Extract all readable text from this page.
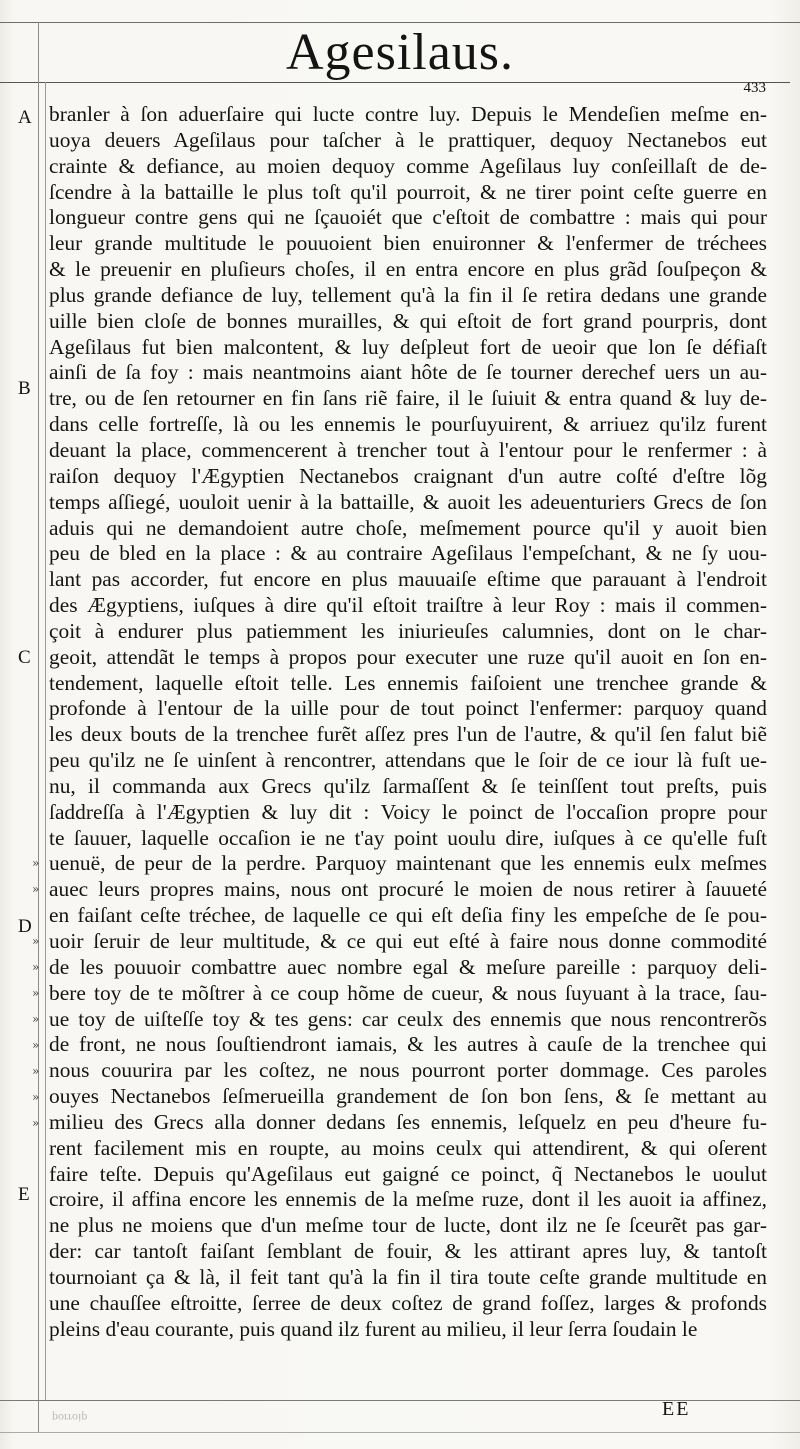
Agesilaus.
433
A
B
C
D
E
»
»
»
»
»
»
»
»
»
»
branler à ſon aduerſaire qui lucte contre luy. Depuis le Mendeſien meſme en-
uoya deuers Ageſilaus pour taſcher à le prattiquer, dequoy Nectanebos eut
crainte & defiance, au moien dequoy comme Ageſilaus luy conſeillaſt de de-
ſcendre à la battaille le plus toſt qu'il pourroit, & ne tirer point ceſte guerre en
longueur contre gens qui ne ſçauoiét que c'eſtoit de combattre : mais qui pour
leur grande multitude le pouuoient bien enuironner & l'enfermer de tréchees
& le preuenir en pluſieurs choſes, il en entra encore en plus grãd ſouſpeçon &
plus grande defiance de luy, tellement qu'à la fin il ſe retira dedans une grande
uille bien cloſe de bonnes murailles, & qui eſtoit de fort grand pourpris, dont
Ageſilaus fut bien malcontent, & luy deſpleut fort de ueoir que lon ſe défiaſt
ainſi de ſa foy : mais neantmoins aiant hôte de ſe tourner derechef uers un au-
tre, ou de ſen retourner en fin ſans riẽ faire, il le ſuiuit & entra quand & luy de-
dans celle fortreſſe, là ou les ennemis le pourſuyuirent, & arriuez qu'ilz furent
deuant la place, commencerent à trencher tout à l'entour pour le renfermer : à
raiſon dequoy l'Ægyptien Nectanebos craignant d'un autre coſté d'eſtre lõg
temps aſſiegé, uouloit uenir à la battaille, & auoit les adeuenturiers Grecs de ſon
aduis qui ne demandoient autre choſe, meſmement pource qu'il y auoit bien
peu de bled en la place : & au contraire Ageſilaus l'empeſchant, & ne ſy uou-
lant pas accorder, fut encore en plus mauuaiſe eſtime que parauant à l'endroit
des Ægyptiens, iuſques à dire qu'il eſtoit traiſtre à leur Roy : mais il commen-
çoit à endurer plus patiemment les iniurieuſes calumnies, dont on le char-
geoit, attendãt le temps à propos pour executer une ruze qu'il auoit en ſon en-
tendement, laquelle eſtoit telle. Les ennemis faiſoient une trenchee grande &
profonde à l'entour de la uille pour de tout poinct l'enfermer: parquoy quand
les deux bouts de la trenchee furẽt aſſez pres l'un de l'autre, & qu'il ſen falut biẽ
peu qu'ilz ne ſe uinſent à rencontrer, attendans que le ſoir de ce iour là fuſt ue-
nu, il commanda aux Grecs qu'ilz ſarmaſſent & ſe teinſſent tout preſts, puis
ſaddreſſa à l'Ægyptien & luy dit : Voicy le poinct de l'occaſion propre pour
te ſauuer, laquelle occaſion ie ne t'ay point uoulu dire, iuſques à ce qu'elle fuſt
uenuë, de peur de la perdre. Parquoy maintenant que les ennemis eulx meſmes
auec leurs propres mains, nous ont procuré le moien de nous retirer à ſauueté
en faiſant ceſte tréchee, de laquelle ce qui eſt deſia finy les empeſche de ſe pou-
uoir ſeruir de leur multitude, & ce qui eut eſté à faire nous donne commodité
de les pouuoir combattre auec nombre egal & meſure pareille : parquoy deli-
bere toy de te mõſtrer à ce coup hõme de cueur, & nous ſuyuant à la trace, ſau-
ue toy de uiſteſſe toy & tes gens: car ceulx des ennemis que nous rencontrerõs
de front, ne nous ſouſtiendront iamais, & les autres à cauſe de la trenchee qui
nous couurira par les coſtez, ne nous pourront porter dommage. Ces paroles
ouyes Nectanebos ſeſmerueilla grandement de ſon bon ſens, & ſe mettant au
milieu des Grecs alla donner dedans ſes ennemis, leſquelz en peu d'heure fu-
rent facilement mis en roupte, au moins ceulx qui attendirent, & qui oſerent
faire teſte. Depuis qu'Ageſilaus eut gaigné ce poinct, q̃ Nectanebos le uoulut
croire, il affina encore les ennemis de la meſme ruze, dont il les auoit ia affinez,
ne plus ne moiens que d'un meſme tour de lucte, dont ilz ne ſe ſceurẽt pas gar-
der: car tantoſt faiſant ſemblant de fouir, & les attirant apres luy, & tantoſt
tournoiant ça & là, il feit tant qu'à la fin il tira toute ceſte grande multitude en
une chauſſee eſtroitte, ſerree de deux coſtez de grand foſſez, larges & profonds
pleins d'eau courante, puis quand ilz furent au milieu, il leur ſerra ſoudain le
EE
porroip
